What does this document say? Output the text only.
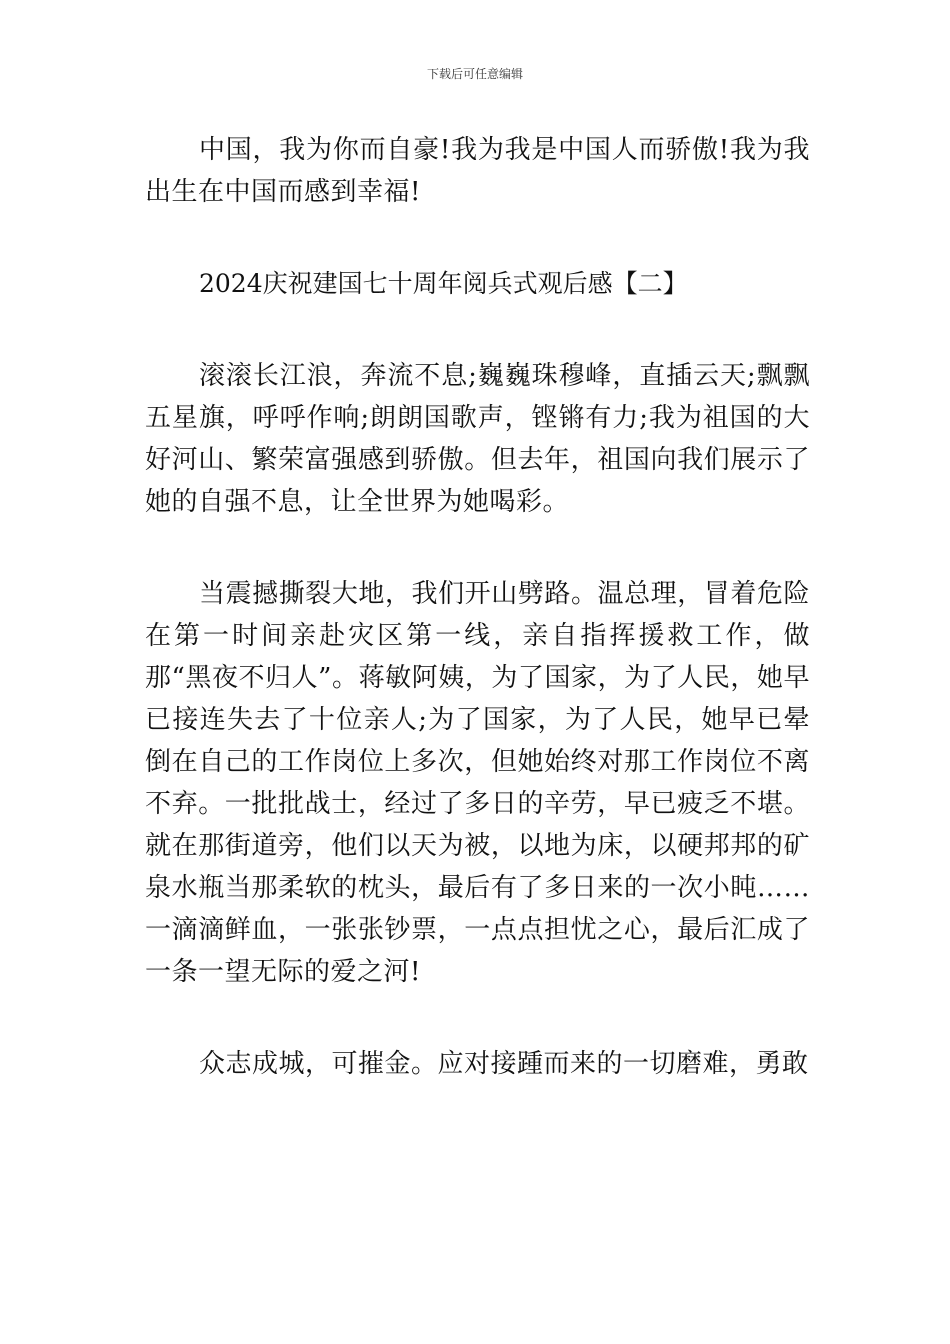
下载后可任意编辑

中国，我为你而自豪!我为我是中国人而骄傲!我为我出生在中国而感到幸福!

2024庆祝建国七十周年阅兵式观后感【二】

滚滚长江浪，奔流不息;巍巍珠穆峰，直插云天;飘飘五星旗，呼呼作响;朗朗国歌声，铿锵有力;我为祖国的大好河山、繁荣富强感到骄傲。但去年，祖国向我们展示了她的自强不息，让全世界为她喝彩。

当震撼撕裂大地，我们开山劈路。温总理，冒着危险在第一时间亲赴灾区第一线，亲自指挥援救工作，做那“黑夜不归人”。蒋敏阿姨，为了国家，为了人民，她早已接连失去了十位亲人;为了国家，为了人民，她早已晕倒在自己的工作岗位上多次，但她始终对那工作岗位不离不弃。一批批战士，经过了多日的辛劳，早已疲乏不堪。就在那街道旁，他们以天为被，以地为床，以硬邦邦的矿泉水瓶当那柔软的枕头，最后有了多日来的一次小盹……一滴滴鲜血，一张张钞票，一点点担忧之心，最后汇成了一条一望无际的爱之河!

众志成城，可摧金。应对接踵而来的一切磨难，勇敢
